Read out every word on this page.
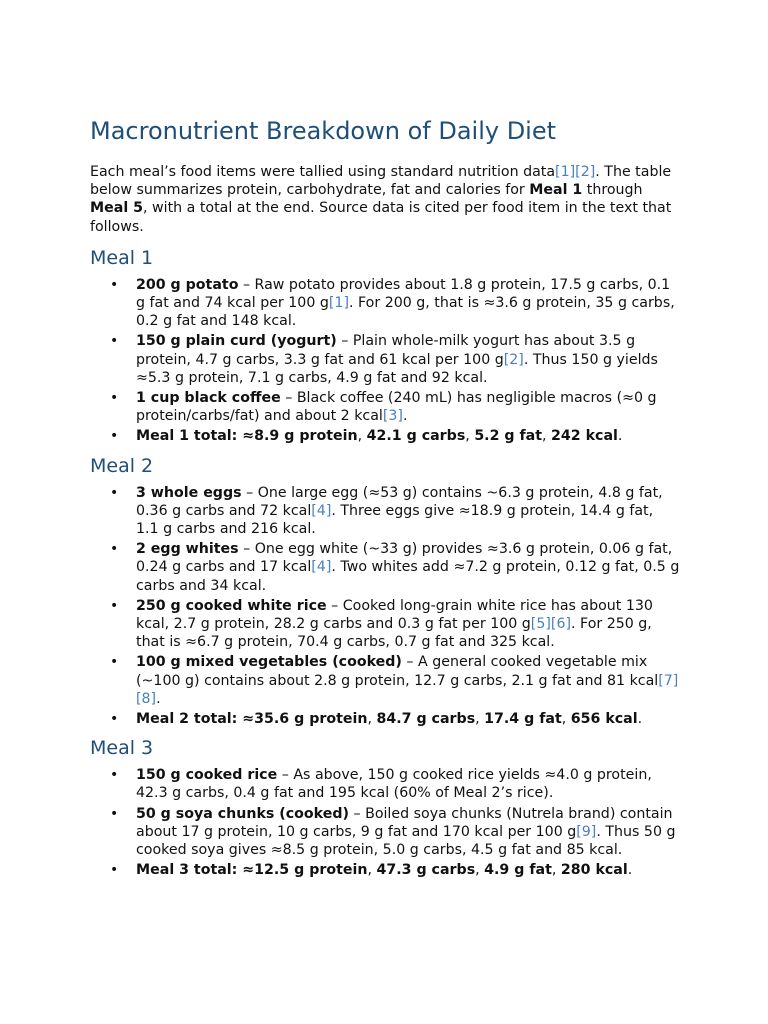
Macronutrient Breakdown of Daily Diet

Each meal’s food items were tallied using standard nutrition data[1][2]. The table below summarizes protein, carbohydrate, fat and calories for Meal 1 through Meal 5, with a total at the end. Source data is cited per food item in the text that follows.

Meal 1
• 200 g potato – Raw potato provides about 1.8 g protein, 17.5 g carbs, 0.1 g fat and 74 kcal per 100 g[1]. For 200 g, that is ≈3.6 g protein, 35 g carbs, 0.2 g fat and 148 kcal.
• 150 g plain curd (yogurt) – Plain whole-milk yogurt has about 3.5 g protein, 4.7 g carbs, 3.3 g fat and 61 kcal per 100 g[2]. Thus 150 g yields ≈5.3 g protein, 7.1 g carbs, 4.9 g fat and 92 kcal.
• 1 cup black coffee – Black coffee (240 mL) has negligible macros (≈0 g protein/carbs/fat) and about 2 kcal[3].
• Meal 1 total: ≈8.9 g protein, 42.1 g carbs, 5.2 g fat, 242 kcal.
Meal 2
• 3 whole eggs – One large egg (≈53 g) contains ~6.3 g protein, 4.8 g fat, 0.36 g carbs and 72 kcal[4]. Three eggs give ≈18.9 g protein, 14.4 g fat, 1.1 g carbs and 216 kcal.
• 2 egg whites – One egg white (~33 g) provides ≈3.6 g protein, 0.06 g fat, 0.24 g carbs and 17 kcal[4]. Two whites add ≈7.2 g protein, 0.12 g fat, 0.5 g carbs and 34 kcal.
• 250 g cooked white rice – Cooked long-grain white rice has about 130 kcal, 2.7 g protein, 28.2 g carbs and 0.3 g fat per 100 g[5][6]. For 250 g, that is ≈6.7 g protein, 70.4 g carbs, 0.7 g fat and 325 kcal.
• 100 g mixed vegetables (cooked) – A general cooked vegetable mix (~100 g) contains about 2.8 g protein, 12.7 g carbs, 2.1 g fat and 81 kcal[7][8].
• Meal 2 total: ≈35.6 g protein, 84.7 g carbs, 17.4 g fat, 656 kcal.
Meal 3
• 150 g cooked rice – As above, 150 g cooked rice yields ≈4.0 g protein, 42.3 g carbs, 0.4 g fat and 195 kcal (60% of Meal 2’s rice).
• 50 g soya chunks (cooked) – Boiled soya chunks (Nutrela brand) contain about 17 g protein, 10 g carbs, 9 g fat and 170 kcal per 100 g[9]. Thus 50 g cooked soya gives ≈8.5 g protein, 5.0 g carbs, 4.5 g fat and 85 kcal.
• Meal 3 total: ≈12.5 g protein, 47.3 g carbs, 4.9 g fat, 280 kcal.
